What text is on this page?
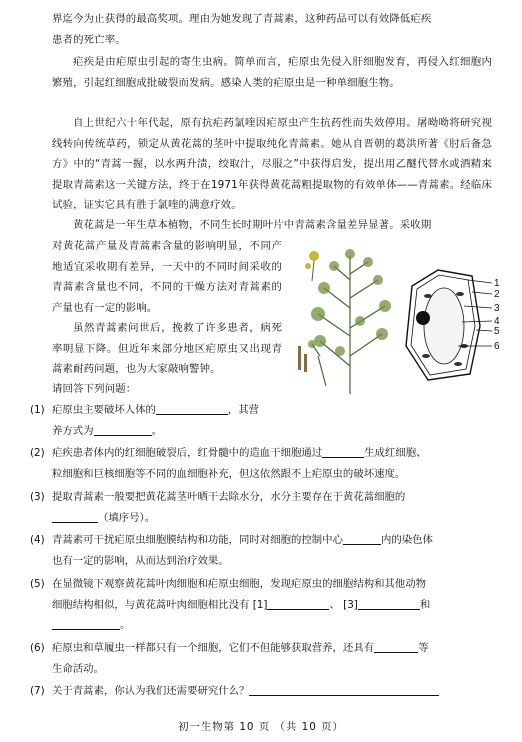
界迄今为止获得的最高奖项。理由为她发现了青蒿素，这种药品可以有效降低疟疾

患者的死亡率。

疟疾是由疟原虫引起的寄生虫病。简单而言，疟原虫先侵入肝细胞发育，再侵入红细胞内繁殖，引起红细胞成批破裂而发病。感染人类的疟原虫是一种单细胞生物。

自上世纪六十年代起，原有抗疟药氯喹因疟原虫产生抗药性而失效停用。屠呦呦将研究视线转向传统草药，锁定从黄花蒿的茎叶中提取纯化青蒿素。她从自晋朝的葛洪所著《肘后备急方》中的“青蒿一握，以水两升渍，绞取汁，尽服之”中获得启发，提出用乙醚代替水或酒精来提取青蒿素这一关键方法，终于在1971年获得黄花蒿粗提取物的有效单体——青蒿素。经临床试验，证实它具有胜于氯喹的满意疗效。

黄花蒿是一年生草本植物，不同生长时期叶片中青蒿素含量差异显著。采收期

对黄花蒿产量及青蒿素含量的影响明显，不同产地适宜采收期有差异，一天中的不同时间采收的青蒿素含量也不同，不同的干燥方法对青蒿素的产量也有一定的影响。

虽然青蒿素问世后，挽救了许多患者，病死率明显下降。但近年来部分地区疟原虫又出现青蒿素耐药问题，也为大家敲响警钟。

请回答下列问题：

1
2
3
4
5
6
(1) 疟原虫主要破坏人体的	，其营
养方式为	。
(2) 疟疾患者体内的红细胞破裂后，红骨髓中的造血干细胞通过	生成红细胞、
粒细胞和巨核细胞等不同的血细胞补充，但这依然跟不上疟原虫的破坏速度。
(3) 提取青蒿素一般要把黄花蒿茎叶晒干去除水分，水分主要存在于黄花蒿细胞的
（填序号）。
(4) 青蒿素可干扰疟原虫细胞膜结构和功能，同时对细胞的控制中心	内的染色体
也有一定的影响，从而达到治疗效果。
(5) 在显微镜下观察黄花蒿叶肉细胞和疟原虫细胞，发现疟原虫的细胞结构和其他动物
细胞结构相似，与黄花蒿叶肉细胞相比没有 [1]	、 [3]	和
。
(6) 疟原虫和草履虫一样都只有一个细胞，它们不但能够获取营养，还具有	等
生命活动。
(7) 关于青蒿素，你认为我们还需要研究什么？
初一生物第 10 页 （共 10 页）
